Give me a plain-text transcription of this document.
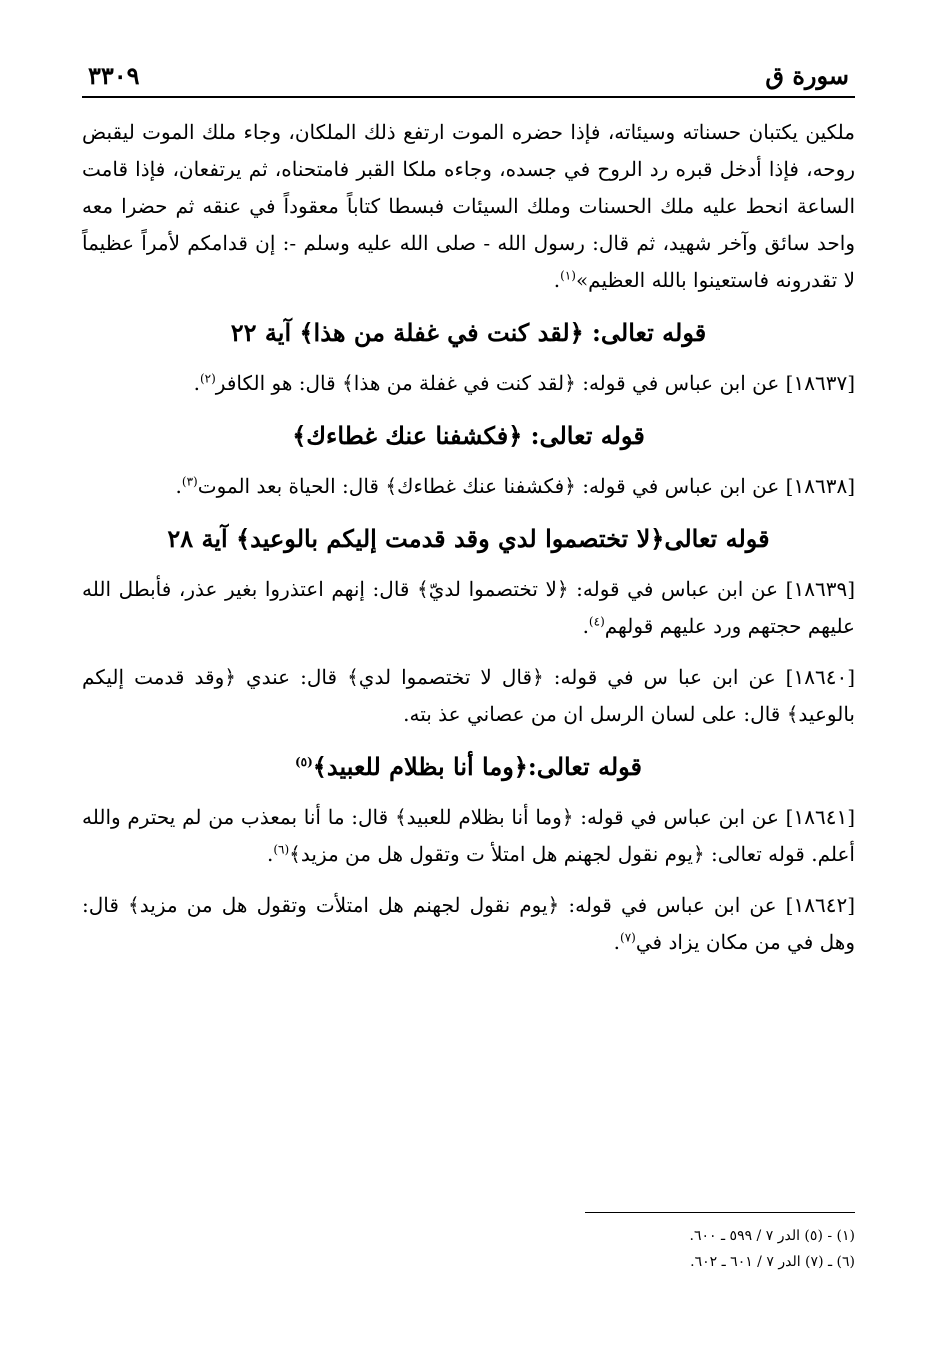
سورة ق
٣٣٠٩

ملكين يكتبان حسناته وسيئاته، فإذا حضره الموت ارتفع ذلك الملكان، وجاء ملك الموت ليقبض روحه، فإذا أدخل قبره رد الروح في جسده، وجاءه ملكا القبر فامتحناه، ثم يرتفعان، فإذا قامت الساعة انحط عليه ملك الحسنات وملك السيئات فبسطا كتاباً معقوداً في عنقه ثم حضرا معه واحد سائق وآخر شهيد، ثم قال: رسول الله - صلى الله عليه وسلم -: إن قدامكم لأمراً عظيماً لا تقدرونه فاستعينوا بالله العظيم»$^{(١)}$.

قوله تعالى: ﴿لقد كنت في غفلة من هذا﴾ آية ٢٢

[١٨٦٣٧] عن ابن عباس في قوله: ﴿لقد كنت في غفلة من هذا﴾ قال: هو الكافر$^{(٢)}$.

قوله تعالى: ﴿فكشفنا عنك غطاءك﴾

[١٨٦٣٨] عن ابن عباس في قوله: ﴿فكشفنا عنك غطاءك﴾ قال: الحياة بعد الموت$^{(٣)}$.

قوله تعالى﴿لا تختصموا لدي وقد قدمت إليكم بالوعيد﴾ آية ٢٨

[١٨٦٣٩] عن ابن عباس في قوله: ﴿لا تختصموا لديّ﴾ قال: إنهم اعتذروا بغير عذر، فأبطل الله عليهم حجتهم ورد عليهم قولهم$^{(٤)}$.

[١٨٦٤٠] عن ابن عبا س في قوله: ﴿قال لا تختصموا لدي﴾ قال: عندي ﴿وقد قدمت إليكم بالوعيد﴾ قال: على لسان الرسل ان من عصاني عذ بته.

قوله تعالى:﴿وما أنا بظلام للعبيد﴾$^{(٥)}$

[١٨٦٤١] عن ابن عباس في قوله: ﴿وما أنا بظلام للعبيد﴾ قال: ما أنا بمعذب من لم يحترم والله أعلم. قوله تعالى: ﴿يوم نقول لجهنم هل امتلأ ت وتقول هل من مزيد﴾$^{(٦)}$.

[١٨٦٤٢] عن ابن عباس في قوله: ﴿يوم نقول لجهنم هل امتلأت وتقول هل من مزيد﴾ قال: وهل في من مكان يزاد في$^{(٧)}$.

(١) - (٥) الدر ٧ / ٥٩٩ ـ ٦٠٠.

(٦) ـ (٧) الدر ٧ / ٦٠١ ـ ٦٠٢.
